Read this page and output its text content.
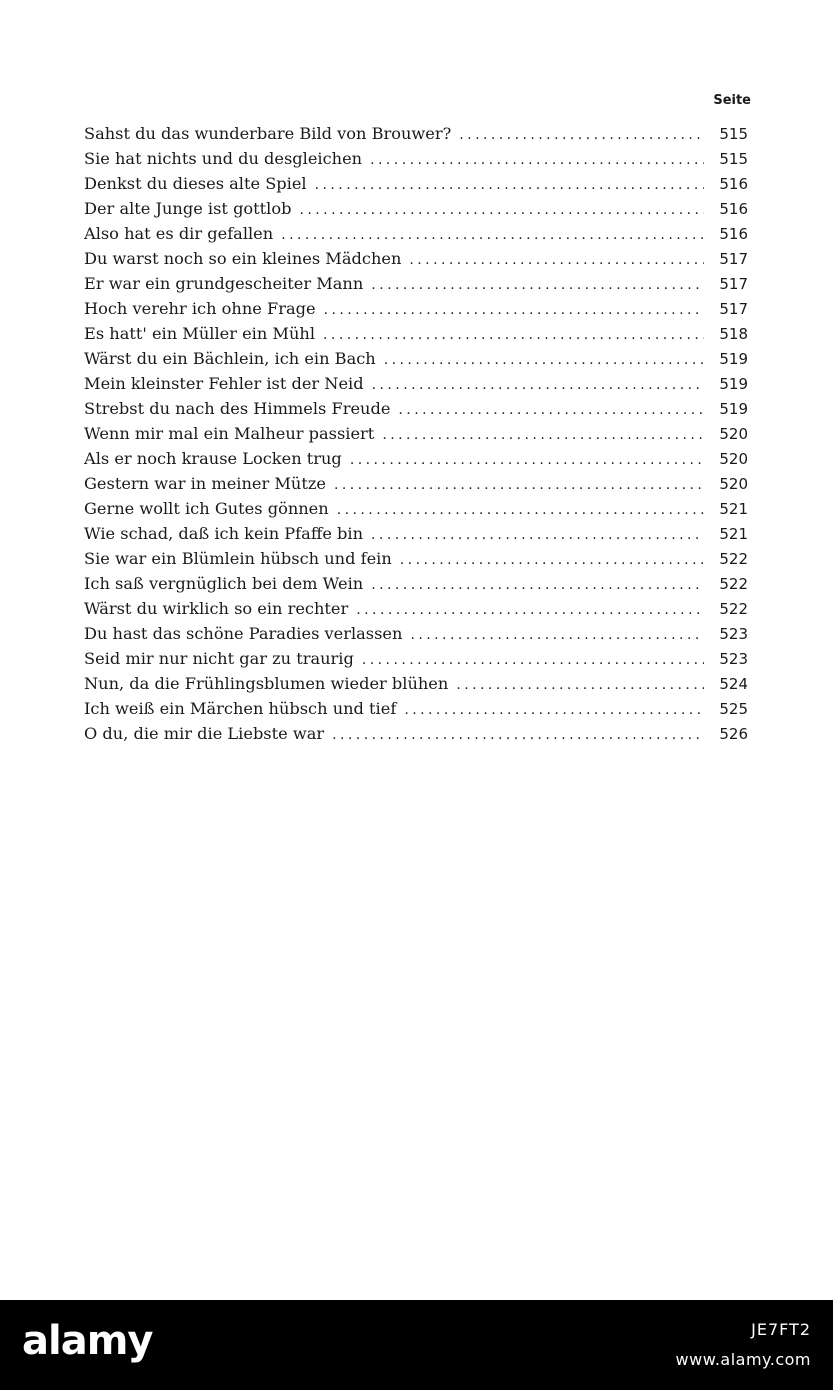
Seite
Sahst du das wunderbare Bild von Brouwer? . . .	515
Sie hat nichts und du desgleichen . . .	515
Denkst du dieses alte Spiel . . .	516
Der alte Junge ist gottlob . . .	516
Also hat es dir gefallen . . .	516
Du warst noch so ein kleines Mädchen . . .	517
Er war ein grundgescheiter Mann . . .	517
Hoch verehr ich ohne Frage . . .	517
Es hatt' ein Müller ein Mühl . . .	518
Wärst du ein Bächlein, ich ein Bach . . .	519
Mein kleinster Fehler ist der Neid . . .	519
Strebst du nach des Himmels Freude . . .	519
Wenn mir mal ein Malheur passiert . . .	520
Als er noch krause Locken trug . . .	520
Gestern war in meiner Mütze . . .	520
Gerne wollt ich Gutes gönnen . . .	521
Wie schad, daß ich kein Pfaffe bin . . .	521
Sie war ein Blümlein hübsch und fein . . .	522
Ich saß vergnüglich bei dem Wein . . .	522
Wärst du wirklich so ein rechter . . .	522
Du hast das schöne Paradies verlassen . . .	523
Seid mir nur nicht gar zu traurig . . .	523
Nun, da die Frühlingsblumen wieder blühen . . .	524
Ich weiß ein Märchen hübsch und tief . . .	525
O du, die mir die Liebste war . . .	526
alamy	JE7FT2
www.alamy.com
